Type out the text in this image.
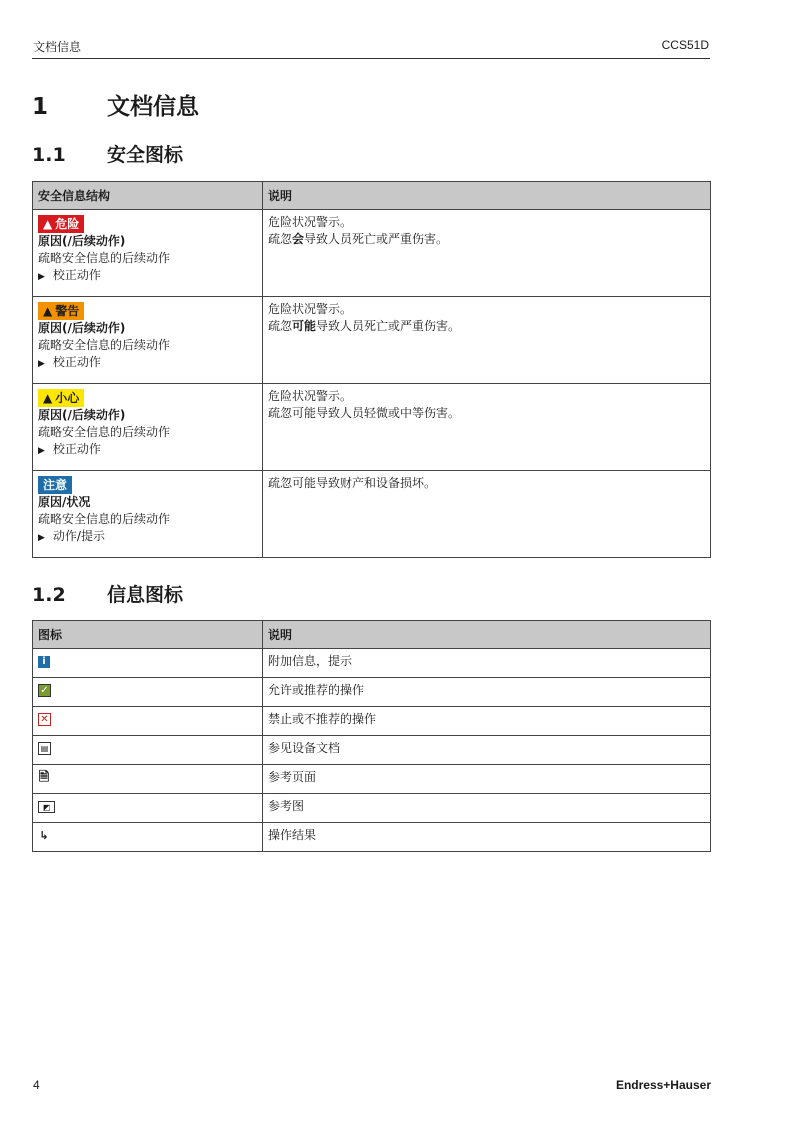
文档信息	CCS51D
1	文档信息
1.1 安全图标
安全信息结构	说明
▲ 危险
原因(/后续动作)
疏略安全信息的后续动作
▶ 校正动作	危险状况警示。
疏忽会导致人员死亡或严重伤害。
▲ 警告
原因(/后续动作)
疏略安全信息的后续动作
▶ 校正动作	危险状况警示。
疏忽可能导致人员死亡或严重伤害。
▲ 小心
原因(/后续动作)
疏略安全信息的后续动作
▶ 校正动作	危险状况警示。
疏忽可能导致人员轻微或中等伤害。
注意
原因/状况
疏略安全信息的后续动作
▶ 动作/提示	疏忽可能导致财产和设备损坏。
1.2 信息图标
图标	说明
i	附加信息，提示
✓	允许或推荐的操作
✕	禁止或不推荐的操作
▤	参见设备文档
🗎	参考页面
◩	参考图
↳	操作结果
4	Endress+Hauser
